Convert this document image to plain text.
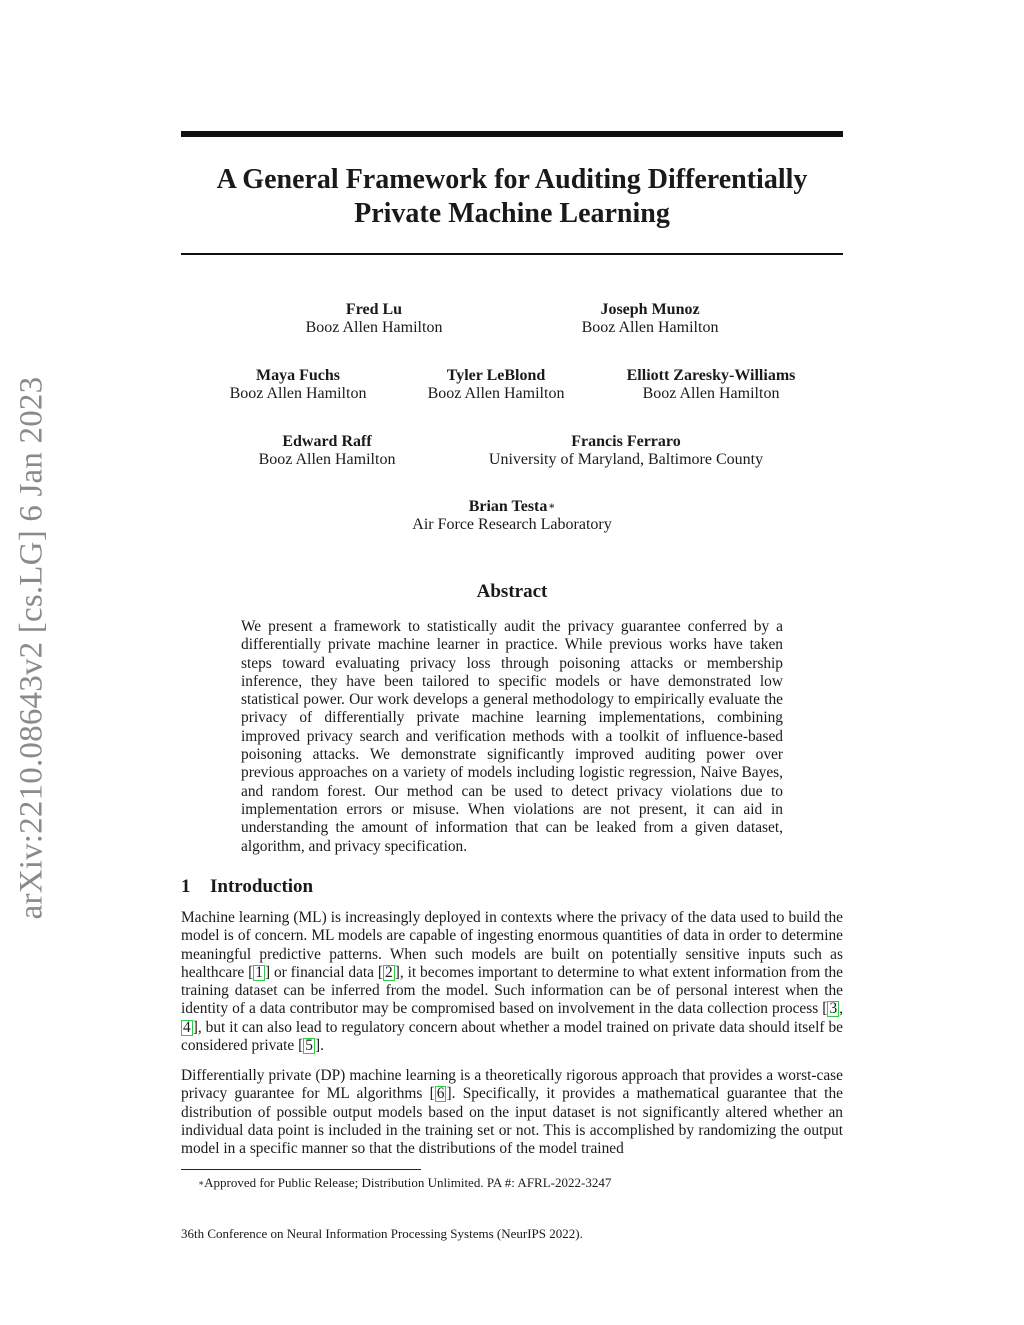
arXiv:2210.08643v2 [cs.LG] 6 Jan 2023
A General Framework for Auditing Differentially
Private Machine Learning
Fred Lu
Booz Allen Hamilton
Joseph Munoz
Booz Allen Hamilton
Maya Fuchs
Booz Allen Hamilton
Tyler LeBlond
Booz Allen Hamilton
Elliott Zaresky-Williams
Booz Allen Hamilton
Edward Raff
Booz Allen Hamilton
Francis Ferraro
University of Maryland, Baltimore County
Brian Testa∗
Air Force Research Laboratory
Abstract

We present a framework to statistically audit the privacy guarantee conferred by a differentially private machine learner in practice. While previous works have taken steps toward evaluating privacy loss through poisoning attacks or membership inference, they have been tailored to specific models or have demonstrated low statistical power. Our work develops a general methodology to empirically evaluate the privacy of differentially private machine learning implementations, combining improved privacy search and verification methods with a toolkit of influence-based poisoning attacks. We demonstrate significantly improved auditing power over previous approaches on a variety of models including logistic regression, Naive Bayes, and random forest. Our method can be used to detect privacy violations due to implementation errors or misuse. When violations are not present, it can aid in understanding the amount of information that can be leaked from a given dataset, algorithm, and privacy specification.

1 Introduction

Machine learning (ML) is increasingly deployed in contexts where the privacy of the data used to build the model is of concern. ML models are capable of ingesting enormous quantities of data in order to determine meaningful predictive patterns. When such models are built on potentially sensitive inputs such as healthcare [ 1 ] or financial data [ 2 ], it becomes important to determine to what extent information from the training dataset can be inferred from the model. Such information can be of personal interest when the identity of a data contributor may be compromised based on involvement in the data collection process [ 3 , 4 ], but it can also lead to regulatory concern about whether a model trained on private data should itself be considered private [ 5 ].

Differentially private (DP) machine learning is a theoretically rigorous approach that provides a worst-case privacy guarantee for ML algorithms [ 6 ]. Specifically, it provides a mathematical guarantee that the distribution of possible output models based on the input dataset is not significantly altered whether an individual data point is included in the training set or not. This is accomplished by randomizing the output model in a specific manner so that the distributions of the model trained

∗Approved for Public Release; Distribution Unlimited. PA #: AFRL-2022-3247

36th Conference on Neural Information Processing Systems (NeurIPS 2022).
